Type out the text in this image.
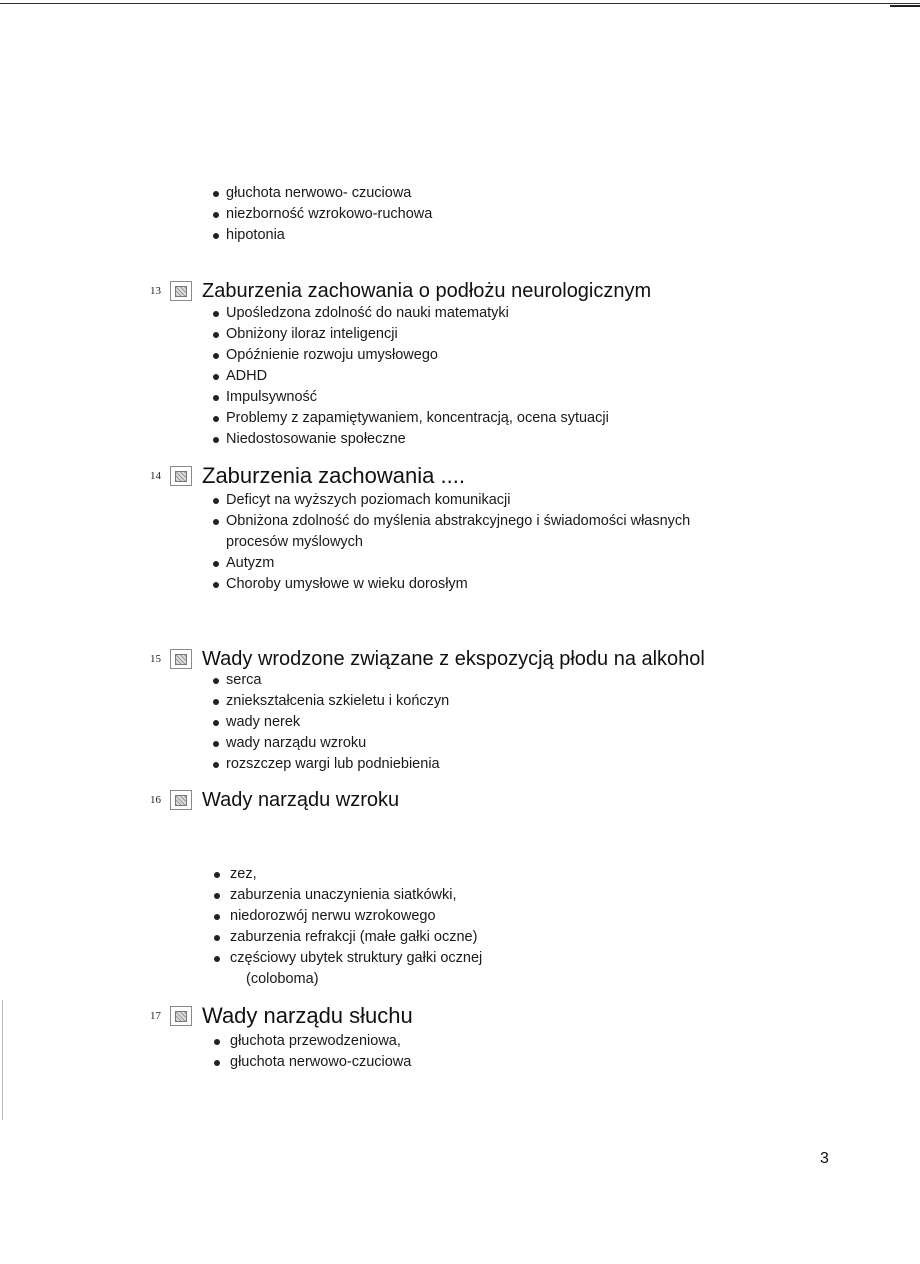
głuchota nerwowo- czuciowa
niezborność wzrokowo-ruchowa
hipotonia
13	Zaburzenia zachowania o podłożu neurologicznym
Upośledzona zdolność do nauki matematyki
Obniżony iloraz inteligencji
Opóźnienie rozwoju umysłowego
ADHD
Impulsywność
Problemy z zapamiętywaniem, koncentracją, ocena sytuacji
Niedostosowanie społeczne
14	Zaburzenia zachowania ....
Deficyt na wyższych poziomach komunikacji
Obniżona zdolność do myślenia abstrakcyjnego i świadomości własnych
procesów myślowych
Autyzm
Choroby umysłowe w wieku dorosłym
15	Wady wrodzone związane z ekspozycją płodu na alkohol
serca
zniekształcenia szkieletu i kończyn
wady nerek
wady narządu wzroku
rozszczep wargi lub podniebienia
16	Wady narządu wzroku
zez,
zaburzenia unaczynienia siatkówki,
niedorozwój nerwu wzrokowego
zaburzenia refrakcji (małe gałki oczne)
częściowy ubytek struktury gałki ocznej
(coloboma)
17	Wady narządu słuchu
głuchota przewodzeniowa,
głuchota nerwowo-czuciowa
3
